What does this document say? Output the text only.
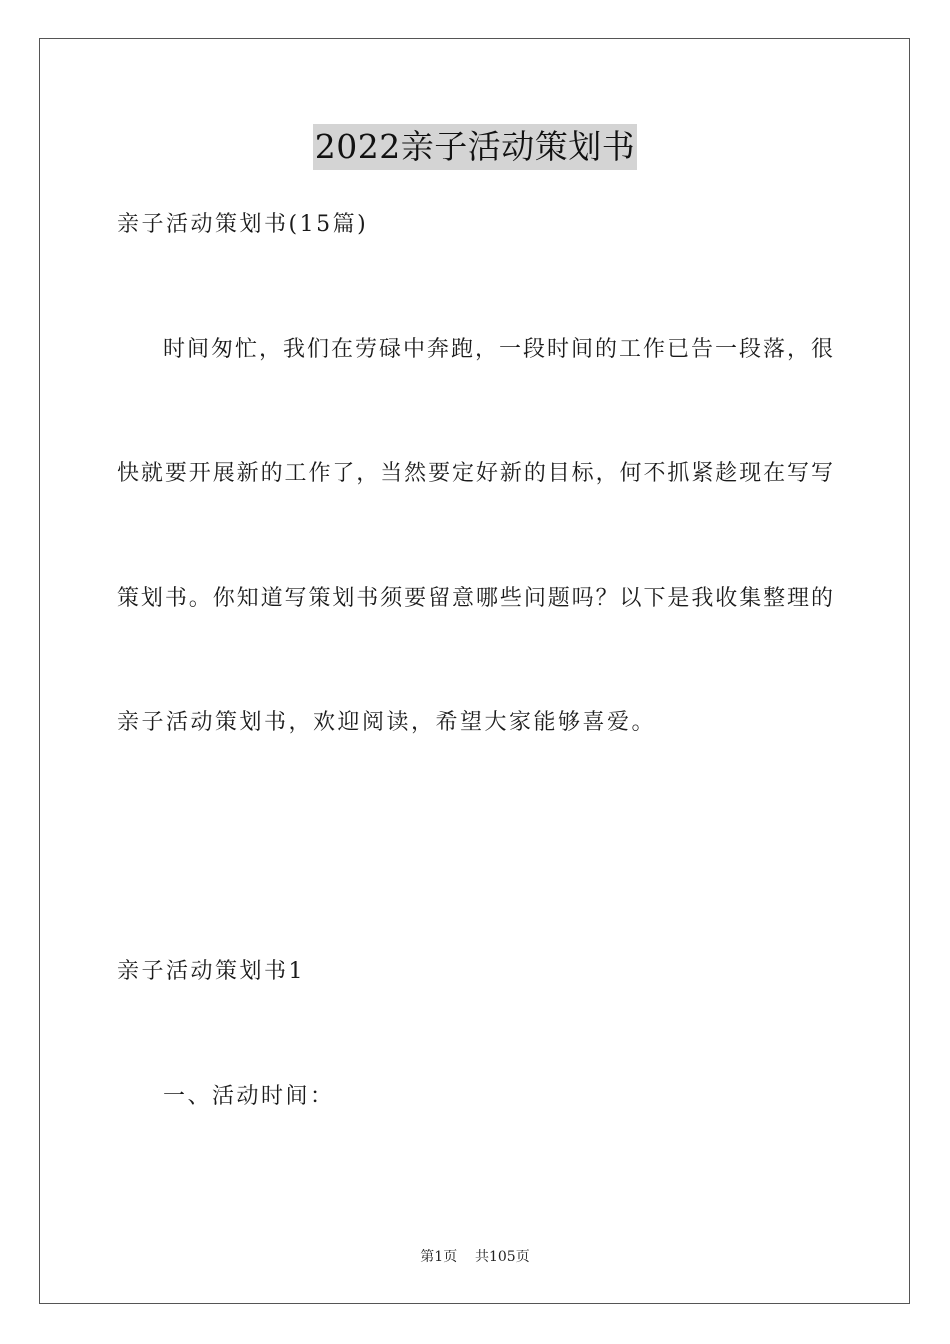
2022亲子活动策划书
亲子活动策划书(15篇)
时间匆忙，我们在劳碌中奔跑，一段时间的工作已告一段落，很
快就要开展新的工作了，当然要定好新的目标，何不抓紧趁现在写写
策划书。你知道写策划书须要留意哪些问题吗？以下是我收集整理的
亲子活动策划书，欢迎阅读，希望大家能够喜爱。
亲子活动策划书1
一、活动时间：
第1页    共105页
